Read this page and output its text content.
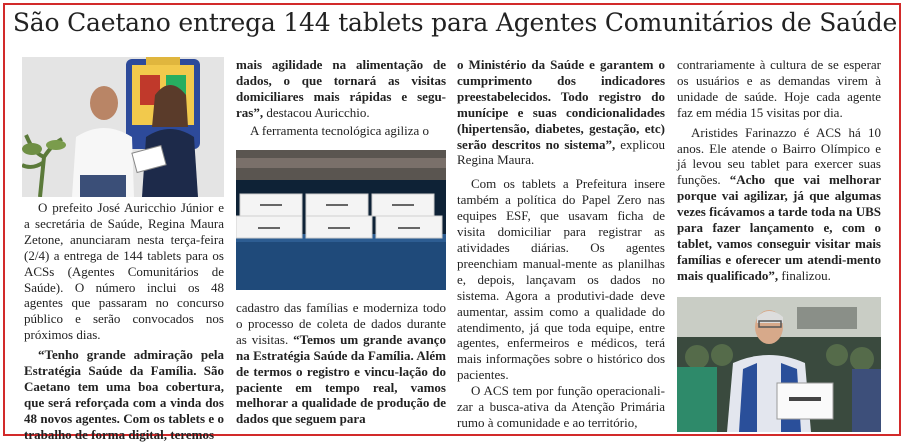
São Caetano entrega 144 tablets para Agentes Comunitários de Saúde

O prefeito José Auricchio Júnior e a secretária de Saúde, Regina Maura Zetone, anunciaram nesta terça-feira (2/4) a entrega de 144 tablets para os ACSs (Agentes Comunitários de Saúde). O número inclui os 48 agentes que passaram no concurso público e serão convocados nos próximos dias.

“Tenho grande admiração pela Estratégia Saúde da Família. São Caetano tem uma boa cobertura, que será reforçada com a vinda dos 48 novos agentes. Com os tablets e o trabalho de forma digital, teremos

mais agilidade na alimentação de dados, o que tornará as visitas domiciliares mais rápidas e segu-ras”, destacou Auricchio.

A ferramenta tecnológica agiliza o

cadastro das famílias e moderniza todo o processo de coleta de dados durante as visitas. “Temos um grande avanço na Estratégia Saúde da Família. Além de termos o registro e vincu-lação do paciente em tempo real, vamos melhorar a qualidade de produção de dados que seguem para

o Ministério da Saúde e garantem o cumprimento dos indicadores preestabelecidos. Todo registro do munícipe e suas condicionalidades (hipertensão, diabetes, gestação, etc) serão descritos no sistema”, explicou Regina Maura.

Com os tablets a Prefeitura insere também a política do Papel Zero nas equipes ESF, que usavam ficha de visita domiciliar para registrar as atividades diárias. Os agentes preenchiam manual-mente as planilhas e, depois, lançavam os dados no sistema. Agora a produtivi-dade deve aumentar, assim como a qualidade do atendimento, já que toda equipe, entre agentes, enfermeiros e médicos, terá mais informações sobre o histórico dos pacientes.

O ACS tem por função operacionali-zar a busca-ativa da Atenção Primária rumo à comunidade e ao território,

contrariamente à cultura de se esperar os usuários e as demandas virem à unidade de saúde. Hoje cada agente faz em média 15 visitas por dia.

Aristides Farinazzo é ACS há 10 anos. Ele atende o Bairro Olímpico e já levou seu tablet para exercer suas funções. “Acho que vai melhorar porque vai agilizar, já que algumas vezes ficávamos a tarde toda na UBS para fazer lançamento e, com o tablet, vamos conseguir visitar mais famílias e oferecer um atendi-mento mais qualificado”, finalizou.
